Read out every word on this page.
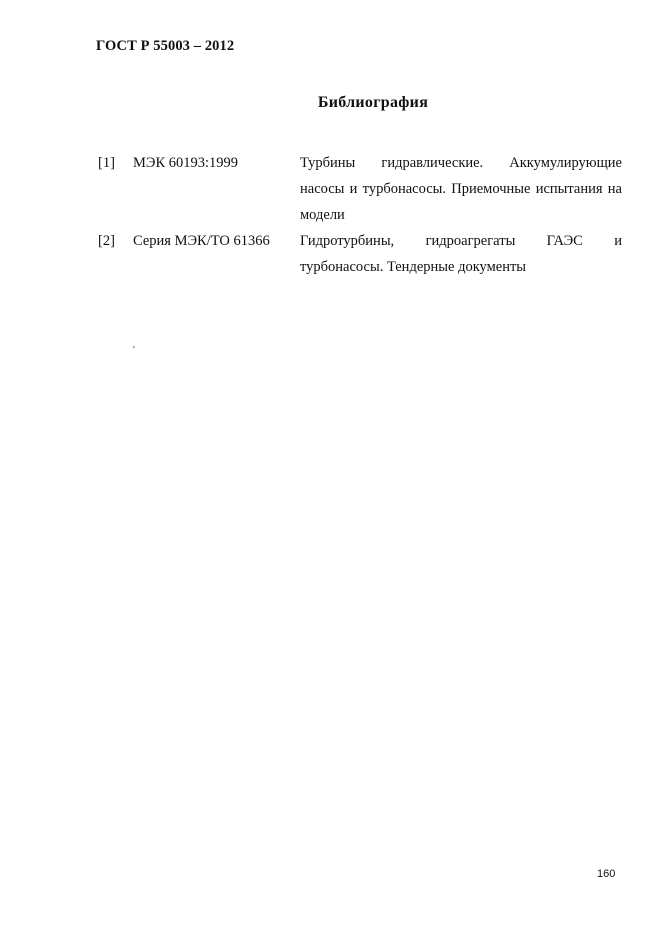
ГОСТ Р 55003 – 2012
Библиография
[1]	МЭК 60193:1999	Турбины гидравлические. Аккумулирующие насосы и турбонасосы. Приемочные испытания на модели
[2]	Серия МЭК/ТО 61366	Гидротурбины, гидроагрегаты ГАЭС и турбонасосы. Тендерные документы
ʼ
160
